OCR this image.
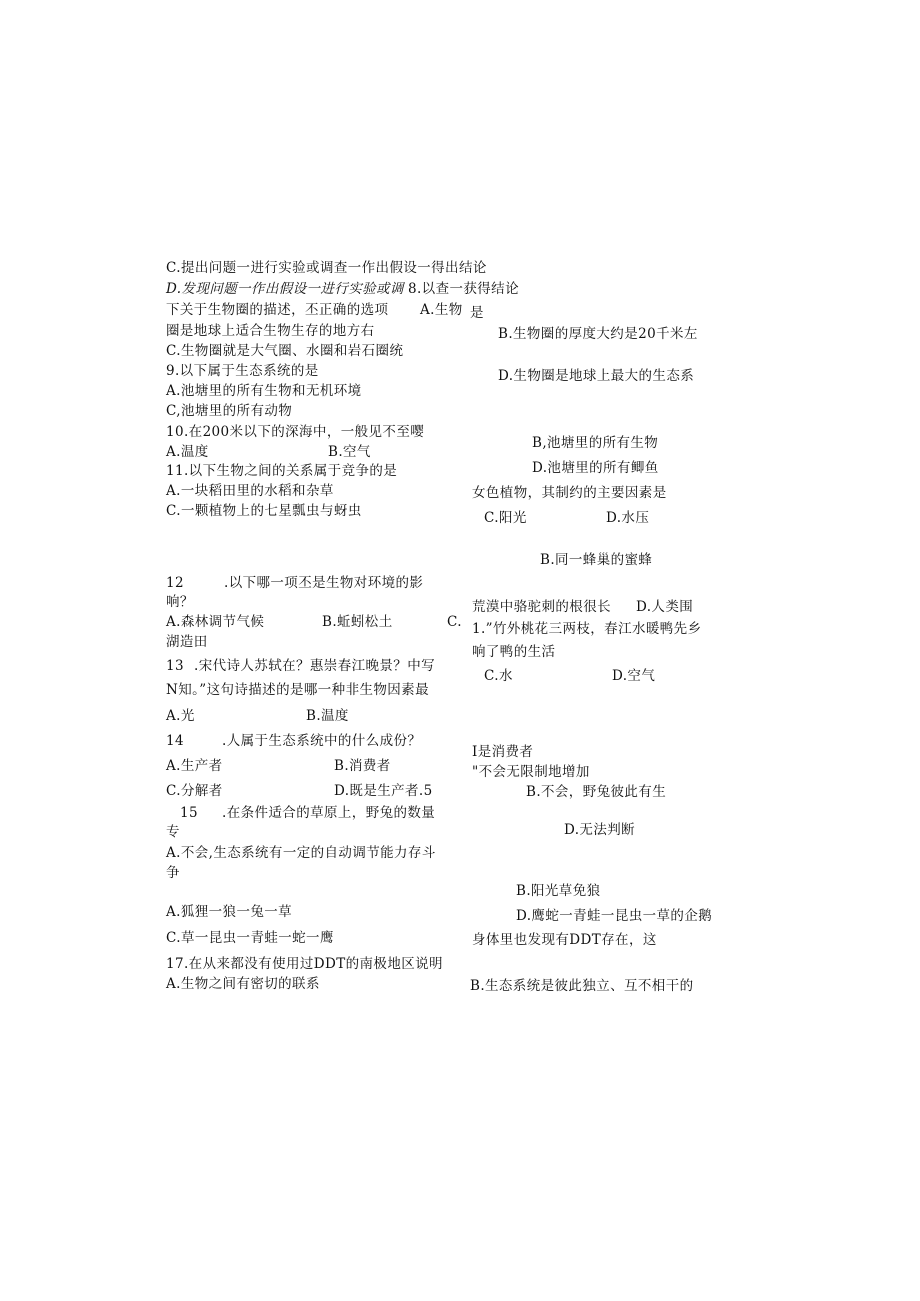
C.提出问题一进行实验或调查一作出假设一得出结论
D.发现问题一作出假设一进行实验或调 8.以查一获得结论
下关于生物圈的描述，丕正确的选项 A.生物 是
圈是地球上适合生物生存的地方右	B.生物圈的厚度大约是20千米左
C.生物圈就是大气圈、水圈和岩石圈统
9.以下属于生态系统的是	D.生物圈是地球上最大的生态系
A.池塘里的所有生物和无机环境
C,池塘里的所有动物
10.在200米以下的深海中，一般见不至嘤
B,池塘里的所有生物
A.温度	B.空气
11.以下生物之间的关系属于竞争的是	D.池塘里的所有鲫鱼
A.一块稻田里的水稻和杂草	女色植物，其制约的主要因素是
C.一颗植物上的七星瓢虫与蚜虫	C.阳光	D.水压
B.同一蜂巢的蜜蜂
12	.以下哪一项丕是生物对环境的影
响？	荒漠中骆驼刺的根很长 D.人类围
A.森林调节气候	B.蚯蚓松土	C. 1.”竹外桃花三两枝，春江水暖鸭先乡
湖造田
响了鸭的生活
13 .宋代诗人苏轼在？惠崇春江晚景？中写
C.水	D.空气
N知。”这句诗描述的是哪一种非生物因素最
A.光	B.温度
14	.人属于生态系统中的什么成份？
I是消费者
A.生产者	B.消费者	"不会无限制地增加
C.分解者	D.既是生产者.5	B.不会，野兔彼此有生
15 .在条件适合的草原上，野兔的数量
专	D.无法判断
A.不会,生态系统有一定的自动调节能力存斗
争
B.阳光草免狼
A.狐狸一狼一兔一草	D.鹰蛇一青蛙一昆虫一草的企鹅
C.草一昆虫一青蛙一蛇一鹰	身体里也发现有DDT存在，这
17.在从来都没有使用过DDT的南极地区说明
A.生物之间有密切的联系	B.生态系统是彼此独立、互不相干的
